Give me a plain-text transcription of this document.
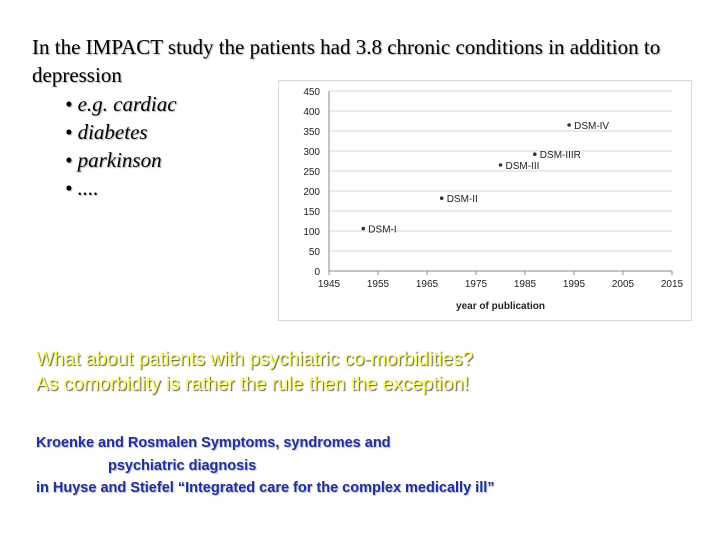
In the IMPACT study the patients had 3.8 chronic conditions in addition to depression
• e.g. cardiac
• diabetes
• parkinson
• ....
0
50
100
150
200
250
300
350
400
450
1945	1955	1965	1975	1985	1995	2005	2015
year of publication
DSM-I
DSM-II
DSM-III
DSM-IIIR
DSM-IV
What about patients with psychiatric co-morbidities?
As comorbidity is rather the rule then the exception!
Kroenke and Rosmalen Symptoms, syndromes and
psychiatric diagnosis
in Huyse and Stiefel “Integrated care for the complex medically ill”
